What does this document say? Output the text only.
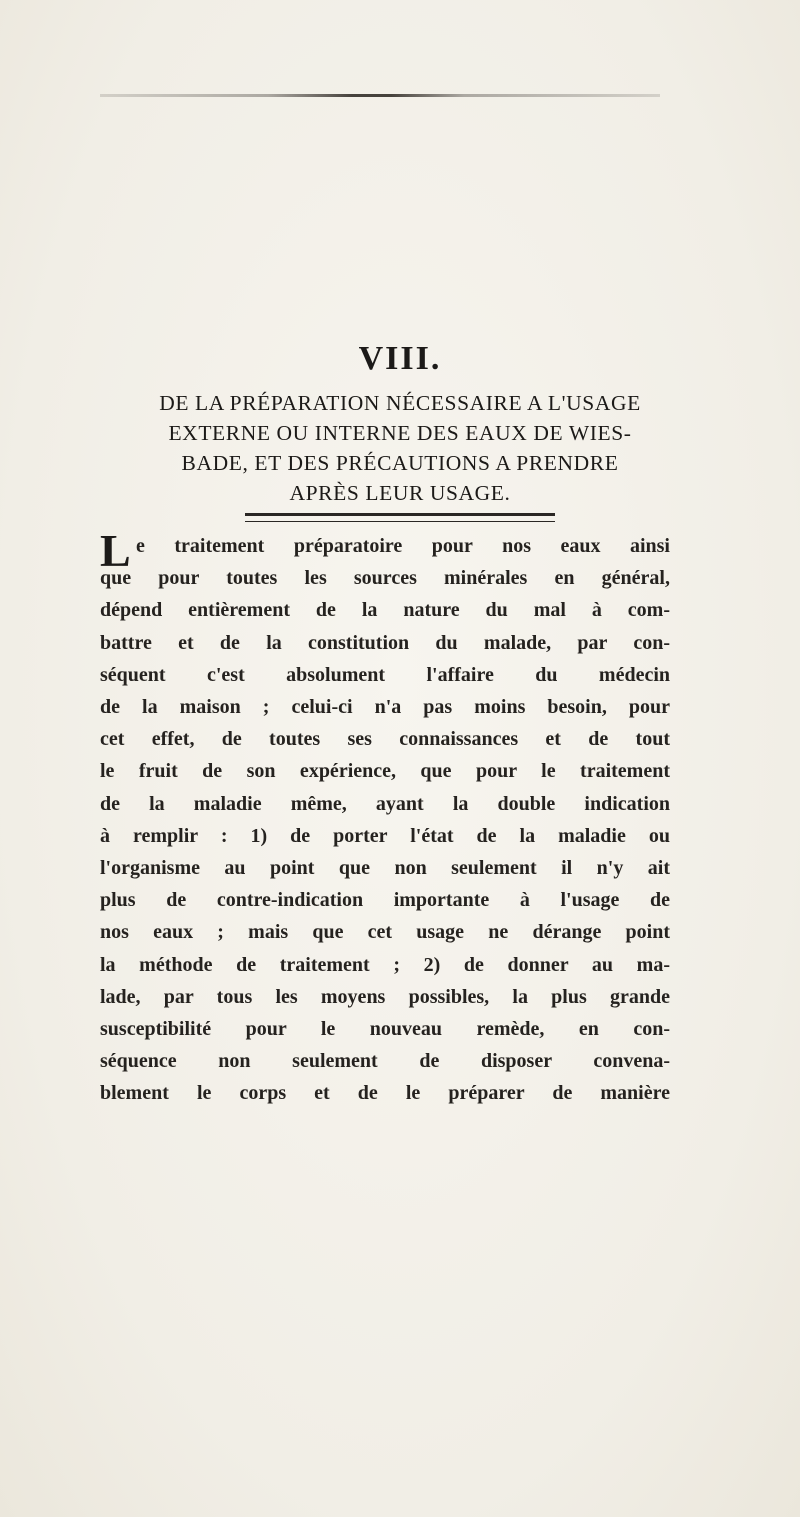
VIII.
DE LA PRÉPARATION NÉCESSAIRE A L'USAGE
EXTERNE OU INTERNE DES EAUX DE WIES-
BADE, ET DES PRÉCAUTIONS A PRENDRE
APRÈS LEUR USAGE.
L e traitement préparatoire pour nos eaux ainsi
que pour toutes les sources minérales en général,
dépend entièrement de la nature du mal à com-
battre et de la constitution du malade, par con-
séquent c'est absolument l'affaire du médecin
de la maison ; celui-ci n'a pas moins besoin, pour
cet effet, de toutes ses connaissances et de tout
le fruit de son expérience, que pour le traitement
de la maladie même, ayant la double indication
à remplir : 1) de porter l'état de la maladie ou
l'organisme au point que non seulement il n'y ait
plus de contre-indication importante à l'usage de
nos eaux ; mais que cet usage ne dérange point
la méthode de traitement ; 2) de donner au ma-
lade, par tous les moyens possibles, la plus grande
susceptibilité pour le nouveau remède, en con-
séquence non seulement de disposer convena-
blement le corps et de le préparer de manière
